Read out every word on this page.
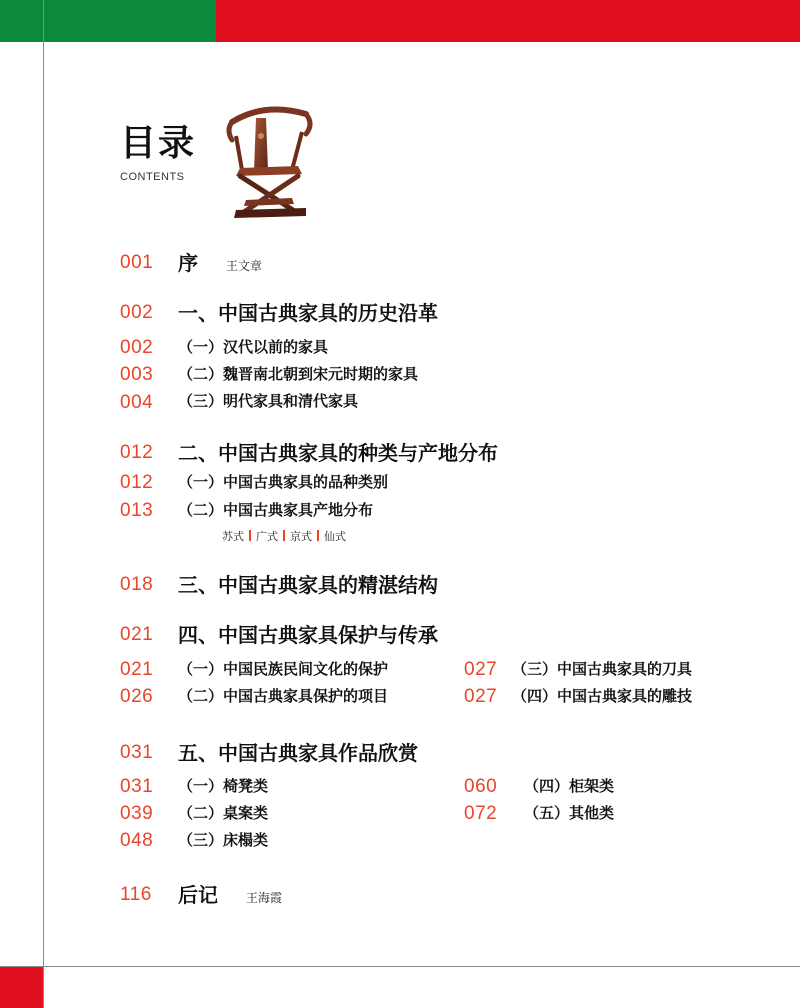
目录
CONTENTS
001 序 王文章
002 一、中国古典家具的历史沿革
002 （一）汉代以前的家具
003 （二）魏晋南北朝到宋元时期的家具
004 （三）明代家具和清代家具
012 二、中国古典家具的种类与产地分布
012 （一）中国古典家具的品种类别
013 （二）中国古典家具产地分布
苏式 广式 京式 仙式
018 三、中国古典家具的精湛结构
021 四、中国古典家具保护与传承
021 （一）中国民族民间文化的保护
026 （二）中国古典家具保护的项目
027 （三）中国古典家具的刀具
027 （四）中国古典家具的雕技
031 五、中国古典家具作品欣赏
031 （一）椅凳类
039 （二）桌案类
048 （三）床榻类
060 （四）柜架类
072 （五）其他类
116 后记 王海霞
